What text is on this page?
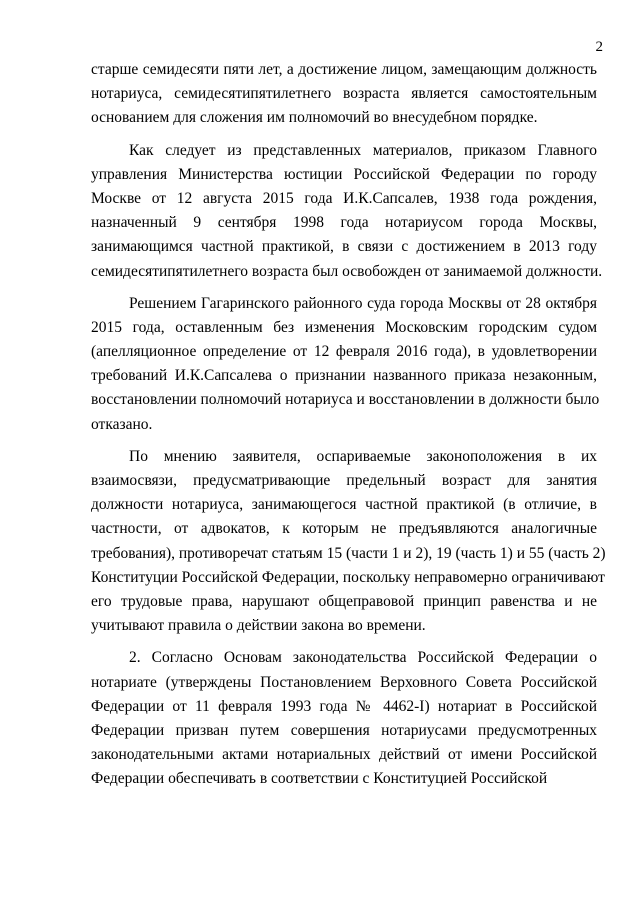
2
старше семидесяти пяти лет, а достижение лицом, замещающим должность
нотариуса, семидесятипятилетнего возраста является самостоятельным
основанием для сложения им полномочий во внесудебном порядке.
Как следует из представленных материалов, приказом Главного
управления Министерства юстиции Российской Федерации по городу
Москве от 12 августа 2015 года И.К.Сапсалев, 1938 года рождения,
назначенный 9 сентября 1998 года нотариусом города Москвы,
занимающимся частной практикой, в связи с достижением в 2013 году
семидесятипятилетнего возраста был освобожден от занимаемой должности.
Решением Гагаринского районного суда города Москвы от 28 октября
2015 года, оставленным без изменения Московским городским судом
(апелляционное определение от 12 февраля 2016 года), в удовлетворении
требований И.К.Сапсалева о признании названного приказа незаконным,
восстановлении полномочий нотариуса и восстановлении в должности было
отказано.
По мнению заявителя, оспариваемые законоположения в их
взаимосвязи, предусматривающие предельный возраст для занятия
должности нотариуса, занимающегося частной практикой (в отличие, в
частности, от адвокатов, к которым не предъявляются аналогичные
требования), противоречат статьям 15 (части 1 и 2), 19 (часть 1) и 55 (часть 2)
Конституции Российской Федерации, поскольку неправомерно ограничивают
его трудовые права, нарушают общеправовой принцип равенства и не
учитывают правила о действии закона во времени.
2. Согласно Основам законодательства Российской Федерации о
нотариате (утверждены Постановлением Верховного Совета Российской
Федерации от 11 февраля 1993 года № 4462-I) нотариат в Российской
Федерации призван путем совершения нотариусами предусмотренных
законодательными актами нотариальных действий от имени Российской
Федерации обеспечивать в соответствии с Конституцией Российской
